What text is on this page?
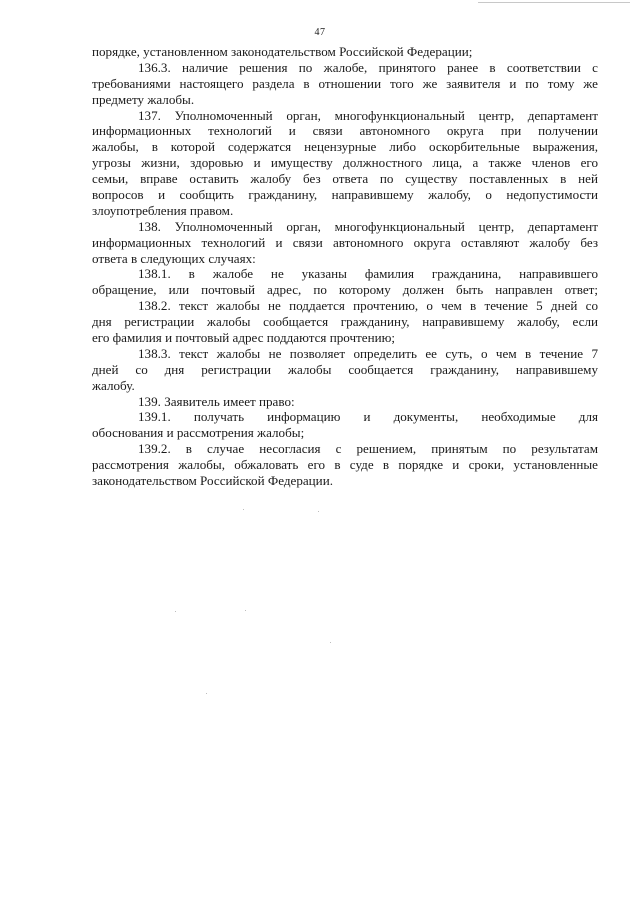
47
порядке, установленном законодательством Российской Федерации;
136.3. наличие решения по жалобе, принятого ранее в соответствии с
требованиями настоящего раздела в отношении того же заявителя и по тому же
предмету жалобы.
137. Уполномоченный орган, многофункциональный центр, департамент
информационных технологий и связи автономного округа при получении
жалобы, в которой содержатся нецензурные либо оскорбительные выражения,
угрозы жизни, здоровью и имуществу должностного лица, а также членов его
семьи, вправе оставить жалобу без ответа по существу поставленных в ней
вопросов и сообщить гражданину, направившему жалобу, о недопустимости
злоупотребления правом.
138. Уполномоченный орган, многофункциональный центр, департамент
информационных технологий и связи автономного округа оставляют жалобу без
ответа в следующих случаях:
138.1. в жалобе не указаны фамилия гражданина, направившего
обращение, или почтовый адрес, по которому должен быть направлен ответ;
138.2. текст жалобы не поддается прочтению, о чем в течение 5 дней со
дня регистрации жалобы сообщается гражданину, направившему жалобу, если
его фамилия и почтовый адрес поддаются прочтению;
138.3. текст жалобы не позволяет определить ее суть, о чем в течение 7
дней со дня регистрации жалобы сообщается гражданину, направившему
жалобу.
139. Заявитель имеет право:
139.1. получать информацию и документы, необходимые для
обоснования и рассмотрения жалобы;
139.2. в случае несогласия с решением, принятым по результатам
рассмотрения жалобы, обжаловать его в суде в порядке и сроки, установленные
законодательством Российской Федерации.
